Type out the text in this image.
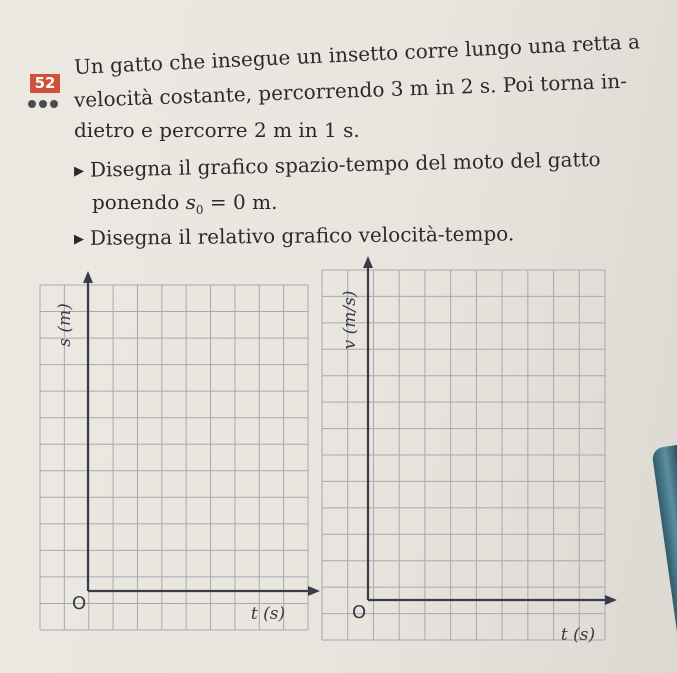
52
Un gatto che insegue un insetto corre lungo una retta a
velocità costante, percorrendo 3 m in 2 s. Poi torna in-
dietro e percorre 2 m in 1 s.
▶ Disegna il grafico spazio-tempo del moto del gatto
ponendo $s_0 = 0$ m.
▶ Disegna il relativo grafico velocità-tempo.
s (m)
t (s)
O
v (m/s)
t (s)
O
